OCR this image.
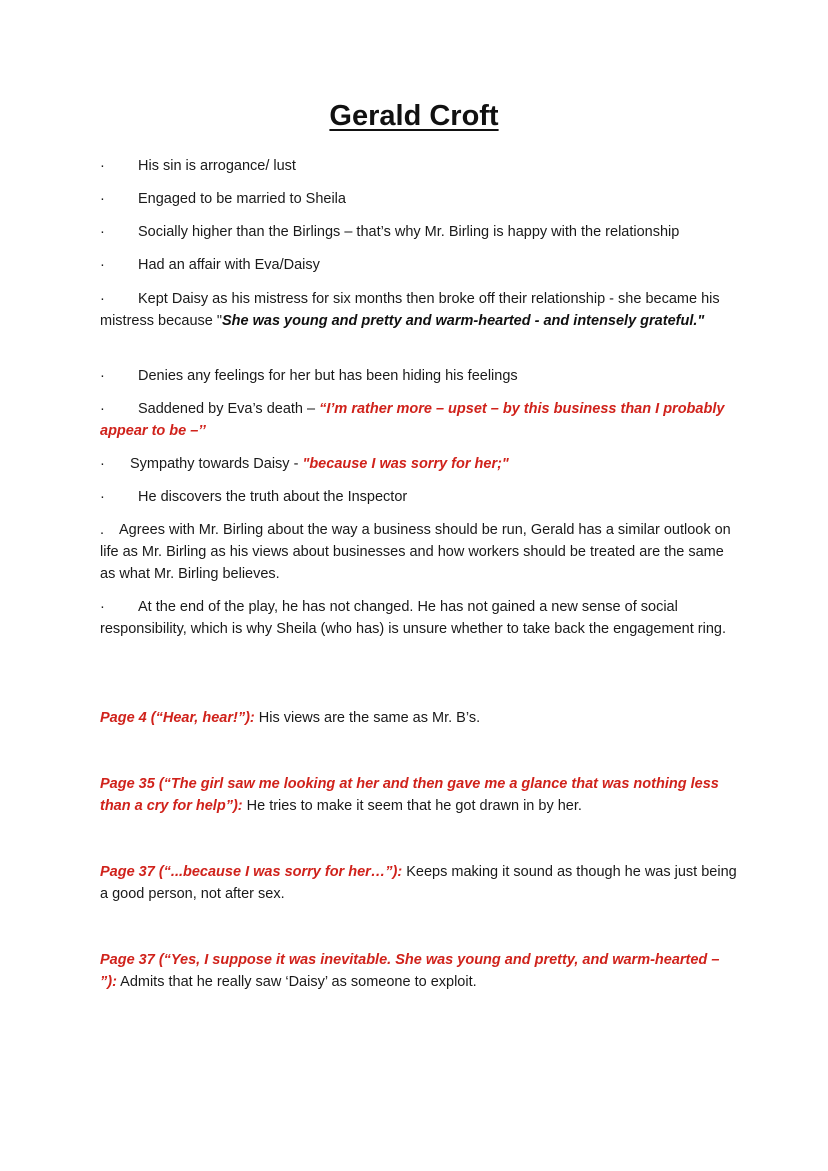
Gerald Croft

· His sin is arrogance/ lust

· Engaged to be married to Sheila

· Socially higher than the Birlings – that’s why Mr. Birling is happy with the relationship

· Had an affair with Eva/Daisy

· Kept Daisy as his mistress for six months then broke off their relationship - she became his mistress because "She was young and pretty and warm-hearted - and intensely grateful."

· Denies any feelings for her but has been hiding his feelings

· Saddened by Eva’s death – “I’m rather more – upset – by this business than I probably appear to be –’’

· Sympathy towards Daisy - "because I was sorry for her;"

· He discovers the truth about the Inspector

. Agrees with Mr. Birling about the way a business should be run, Gerald has a similar outlook on life as Mr. Birling as his views about businesses and how workers should be treated are the same as what Mr. Birling believes.

· At the end of the play, he has not changed. He has not gained a new sense of social responsibility, which is why Sheila (who has) is unsure whether to take back the engagement ring.

Page 4 (“Hear, hear!”): His views are the same as Mr. B’s.

Page 35 (“The girl saw me looking at her and then gave me a glance that was nothing less than a cry for help”): He tries to make it seem that he got drawn in by her.

Page 37 (“...because I was sorry for her…”): Keeps making it sound as though he was just being a good person, not after sex.

Page 37 (“Yes, I suppose it was inevitable. She was young and pretty, and warm-hearted – ”): Admits that he really saw ‘Daisy’ as someone to exploit.
